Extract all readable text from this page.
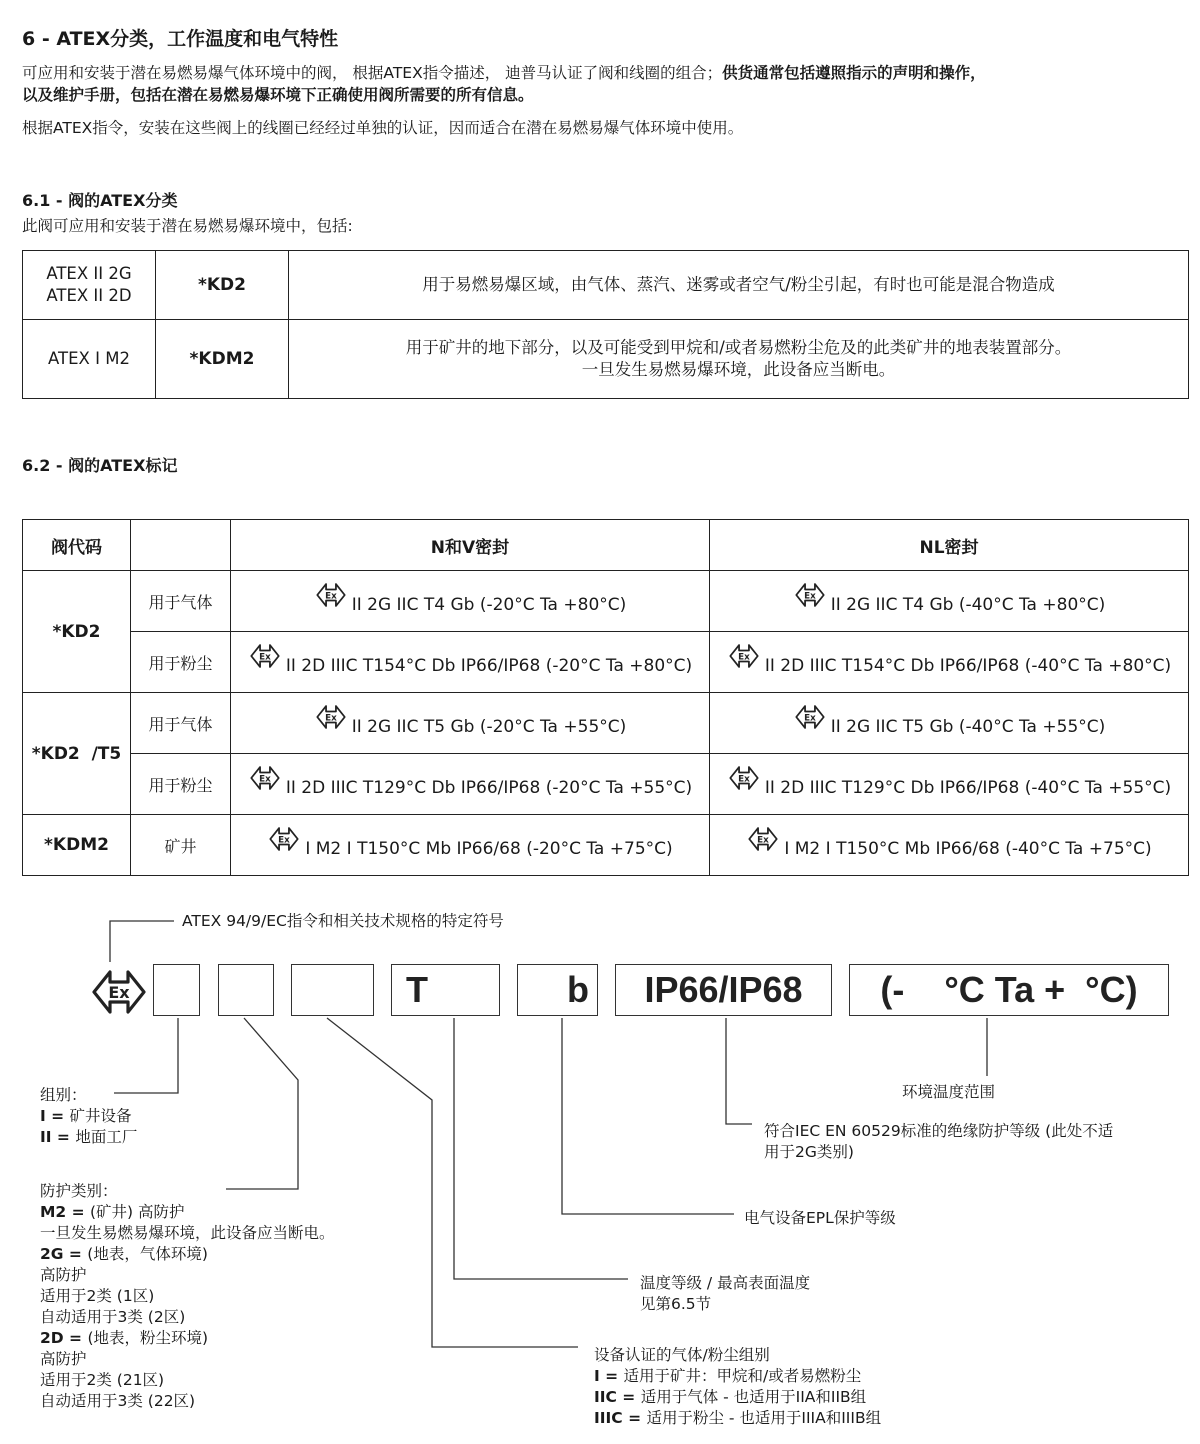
6 - ATEX分类，工作温度和电气特性
可应用和安装于潜在易燃易爆气体环境中的阀， 根据ATEX指令描述， 迪普马认证了阀和线圈的组合；供货通常包括遵照指示的声明和操作，
以及维护手册，包括在潜在易燃易爆环境下正确使用阀所需要的所有信息。
根据ATEX指令，安装在这些阀上的线圈已经经过单独的认证，因而适合在潜在易燃易爆气体环境中使用。
6.1 - 阀的ATEX分类
此阀可应用和安装于潜在易燃易爆环境中，包括:
ATEX II 2G
ATEX II 2D	*KD2	用于易燃易爆区域，由气体、蒸汽、迷雾或者空气/粉尘引起，有时也可能是混合物造成
ATEX I M2	*KDM2	用于矿井的地下部分，以及可能受到甲烷和/或者易燃粉尘危及的此类矿井的地表装置部分。
一旦发生易燃易爆环境，此设备应当断电。
6.2 - 阀的ATEX标记
阀代码		N和V密封	NL密封
*KD2	用于气体	Ex II 2G IIC T4 Gb (-20°C Ta +80°C)	Ex II 2G IIC T4 Gb (-40°C Ta +80°C)

	用于粉尘	Ex II 2D IIIC T154°C Db IP66/IP68 (-20°C Ta +80°C)	Ex II 2D IIIC T154°C Db IP66/IP68 (-40°C Ta +80°C)

*KD2  /T5	用于气体	Ex II 2G IIC T5 Gb (-20°C Ta +55°C)	Ex II 2G IIC T5 Gb (-40°C Ta +55°C)

	用于粉尘	Ex II 2D IIIC T129°C Db IP66/IP68 (-20°C Ta +55°C)	Ex II 2D IIIC T129°C Db IP66/IP68 (-40°C Ta +55°C)

*KDM2	矿井	Ex I M2 I T150°C Mb IP66/68 (-20°C Ta +75°C)	Ex I M2 I T150°C Mb IP66/68 (-40°C Ta +75°C)
Ex
ATEX 94/9/EC指令和相关技术规格的特定符号
T	b	IP66/IP68	(-    °C Ta +  °C)
环境温度范围
符合IEC EN 60529标准的绝缘防护等级 (此处不适
用于2G类别)
电气设备EPL保护等级
温度等级 / 最高表面温度
见第6.5节
设备认证的气体/粉尘组别
I = 适用于矿井：甲烷和/或者易燃粉尘
IIC = 适用于气体 - 也适用于IIA和IIB组
IIIC = 适用于粉尘 - 也适用于IIIA和IIIB组
组别：
I = 矿井设备
II = 地面工厂
防护类别：
M2 = (矿井) 高防护
一旦发生易燃易爆环境，此设备应当断电。
2G = (地表，气体环境)
高防护
适用于2类 (1区)
自动适用于3类 (2区)
2D = (地表，粉尘环境)
高防护
适用于2类 (21区)
自动适用于3类 (22区)
